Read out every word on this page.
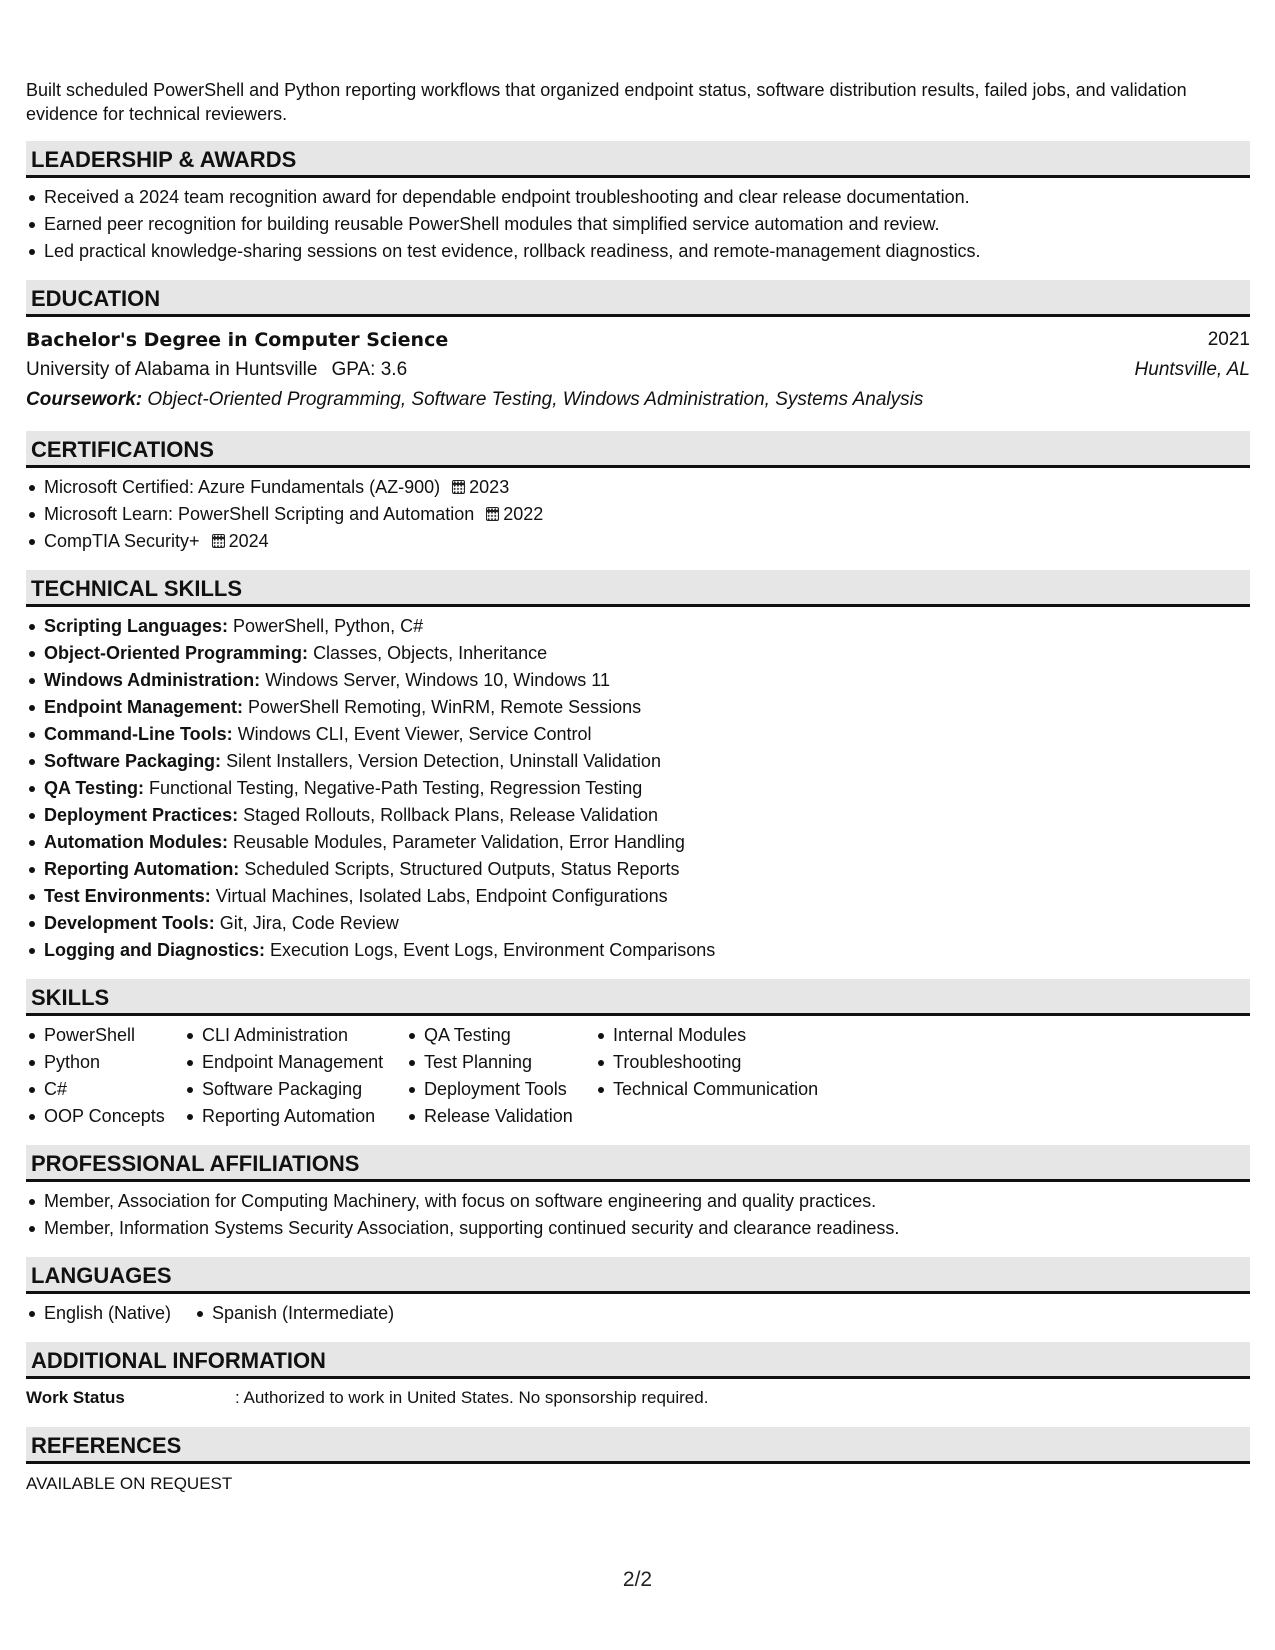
Built scheduled PowerShell and Python reporting workflows that organized endpoint status, software distribution results, failed jobs, and validation evidence for technical reviewers.

LEADERSHIP & AWARDS
Received a 2024 team recognition award for dependable endpoint troubleshooting and clear release documentation.
Earned peer recognition for building reusable PowerShell modules that simplified service automation and review.
Led practical knowledge-sharing sessions on test evidence, rollback readiness, and remote-management diagnostics.
EDUCATION
Bachelor's Degree in Computer Science	2021
University of Alabama in Huntsville GPA: 3.6	Huntsville, AL
Coursework: Object-Oriented Programming, Software Testing, Windows Administration, Systems Analysis
CERTIFICATIONS
Microsoft Certified: Azure Fundamentals (AZ-900) 2023
Microsoft Learn: PowerShell Scripting and Automation 2022
CompTIA Security+ 2024
TECHNICAL SKILLS
Scripting Languages: PowerShell, Python, C#
Object-Oriented Programming: Classes, Objects, Inheritance
Windows Administration: Windows Server, Windows 10, Windows 11
Endpoint Management: PowerShell Remoting, WinRM, Remote Sessions
Command-Line Tools: Windows CLI, Event Viewer, Service Control
Software Packaging: Silent Installers, Version Detection, Uninstall Validation
QA Testing: Functional Testing, Negative-Path Testing, Regression Testing
Deployment Practices: Staged Rollouts, Rollback Plans, Release Validation
Automation Modules: Reusable Modules, Parameter Validation, Error Handling
Reporting Automation: Scheduled Scripts, Structured Outputs, Status Reports
Test Environments: Virtual Machines, Isolated Labs, Endpoint Configurations
Development Tools: Git, Jira, Code Review
Logging and Diagnostics: Execution Logs, Event Logs, Environment Comparisons
SKILLS
PowerShell
Python
C#
OOP Concepts
CLI Administration
Endpoint Management
Software Packaging
Reporting Automation
QA Testing
Test Planning
Deployment Tools
Release Validation
Internal Modules
Troubleshooting
Technical Communication
PROFESSIONAL AFFILIATIONS
Member, Association for Computing Machinery, with focus on software engineering and quality practices.
Member, Information Systems Security Association, supporting continued security and clearance readiness.
LANGUAGES
English (Native)	Spanish (Intermediate)
ADDITIONAL INFORMATION
Work Status	: Authorized to work in United States. No sponsorship required.
REFERENCES
AVAILABLE ON REQUEST
2/2
